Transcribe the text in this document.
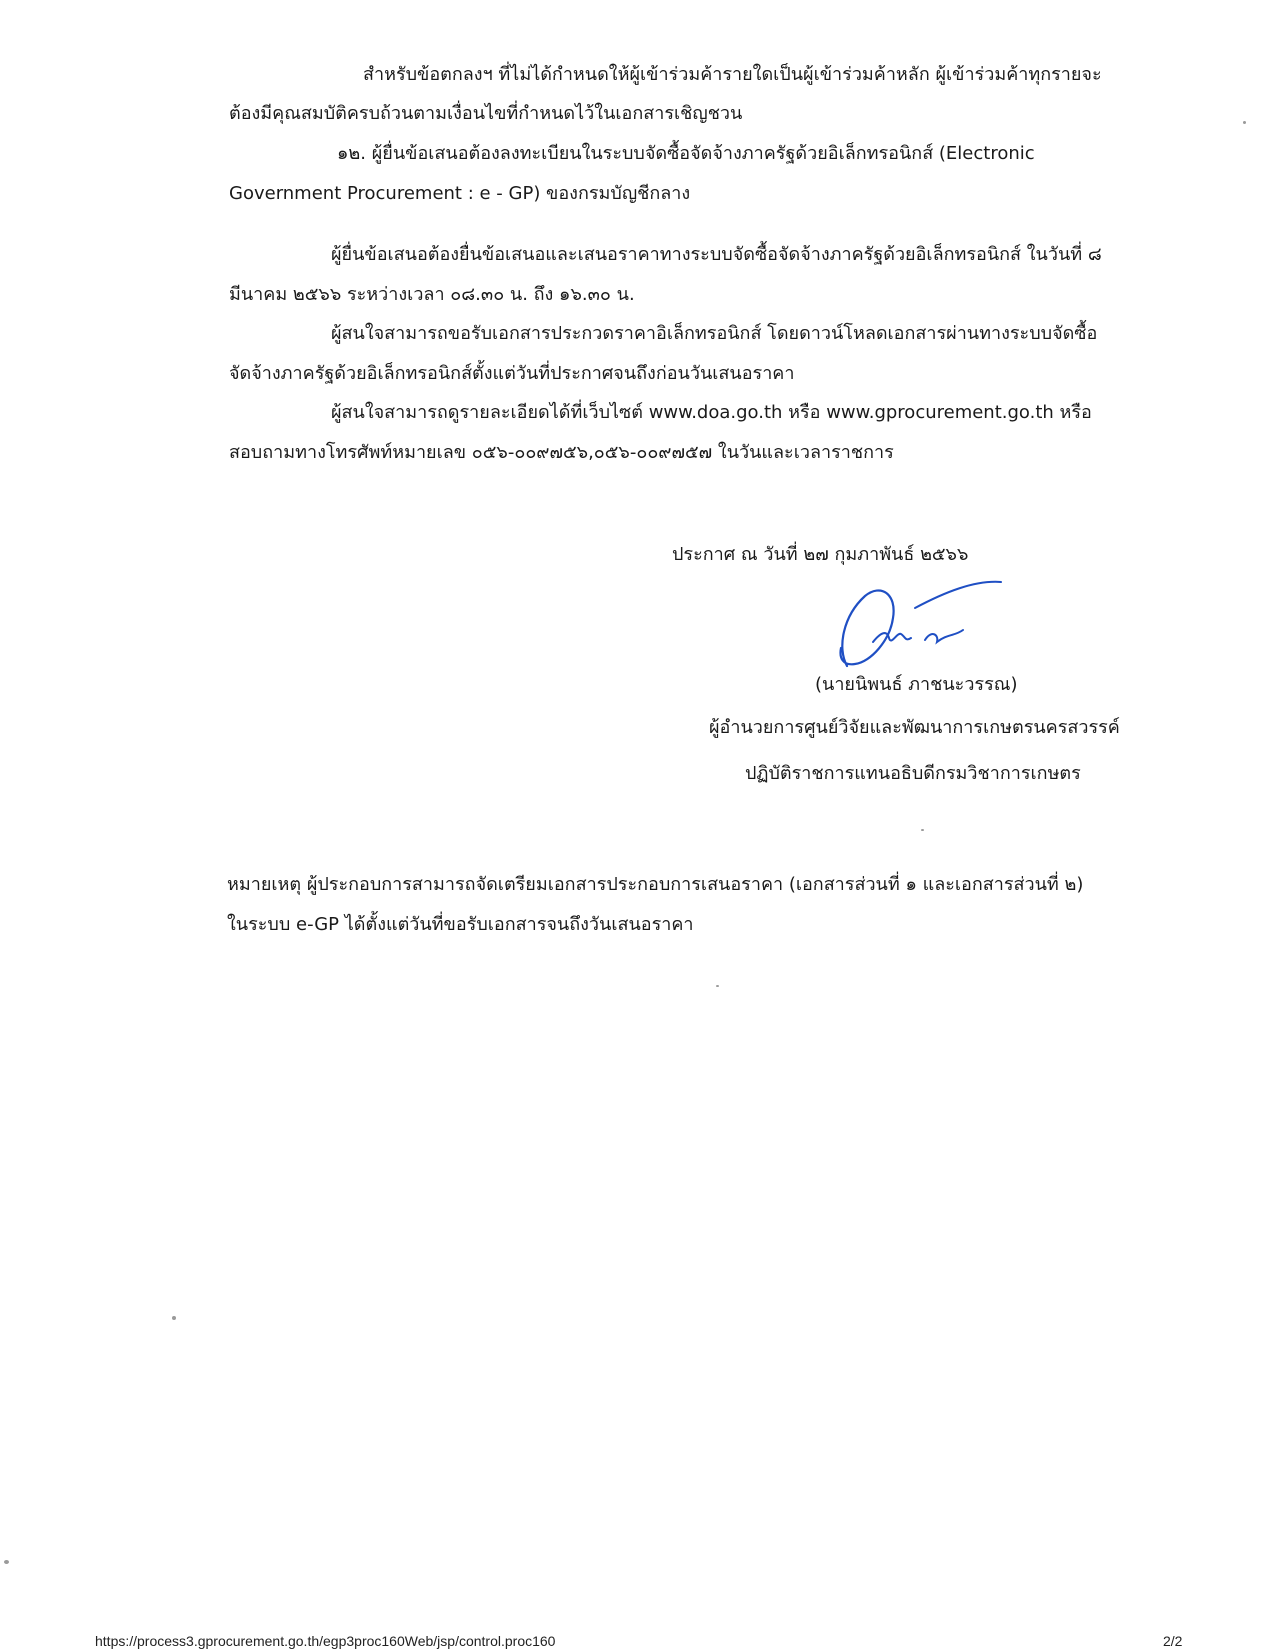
สำหรับข้อตกลงฯ ที่ไม่ได้กำหนดให้ผู้เข้าร่วมค้ารายใดเป็นผู้เข้าร่วมค้าหลัก ผู้เข้าร่วมค้าทุกรายจะ
ต้องมีคุณสมบัติครบถ้วนตามเงื่อนไขที่กำหนดไว้ในเอกสารเชิญชวน
๑๒. ผู้ยื่นข้อเสนอต้องลงทะเบียนในระบบจัดซื้อจัดจ้างภาครัฐด้วยอิเล็กทรอนิกส์ (Electronic
Government Procurement : e - GP) ของกรมบัญชีกลาง
ผู้ยื่นข้อเสนอต้องยื่นข้อเสนอและเสนอราคาทางระบบจัดซื้อจัดจ้างภาครัฐด้วยอิเล็กทรอนิกส์ ในวันที่ ๘
มีนาคม ๒๕๖๖ ระหว่างเวลา ๐๘.๓๐ น. ถึง ๑๖.๓๐ น.
ผู้สนใจสามารถขอรับเอกสารประกวดราคาอิเล็กทรอนิกส์ โดยดาวน์โหลดเอกสารผ่านทางระบบจัดซื้อ
จัดจ้างภาครัฐด้วยอิเล็กทรอนิกส์ตั้งแต่วันที่ประกาศจนถึงก่อนวันเสนอราคา
ผู้สนใจสามารถดูรายละเอียดได้ที่เว็บไซต์ www.doa.go.th หรือ www.gprocurement.go.th หรือ
สอบถามทางโทรศัพท์หมายเลข ๐๕๖-๐๐๙๗๕๖,๐๕๖-๐๐๙๗๕๗ ในวันและเวลาราชการ
ประกาศ ณ วันที่ ๒๗ กุมภาพันธ์ ๒๕๖๖
(นายนิพนธ์ ภาชนะวรรณ)
ผู้อำนวยการศูนย์วิจัยและพัฒนาการเกษตรนครสวรรค์
ปฏิบัติราชการแทนอธิบดีกรมวิชาการเกษตร
หมายเหตุ ผู้ประกอบการสามารถจัดเตรียมเอกสารประกอบการเสนอราคา (เอกสารส่วนที่ ๑ และเอกสารส่วนที่ ๒)
ในระบบ e-GP ได้ตั้งแต่วันที่ขอรับเอกสารจนถึงวันเสนอราคา
https://process3.gprocurement.go.th/egp3proc160Web/jsp/control.proc160	2/2
